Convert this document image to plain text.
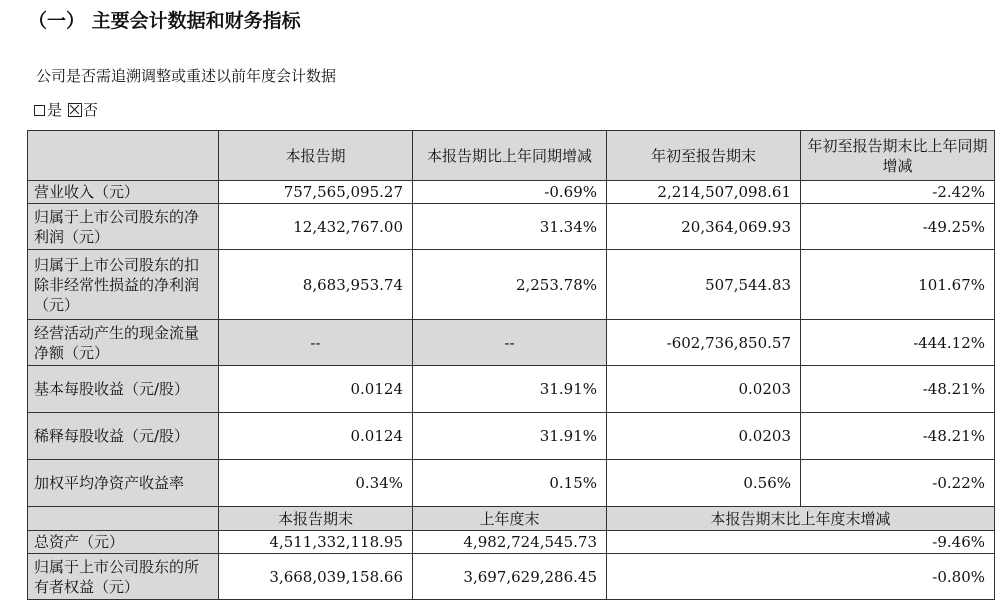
（一） 主要会计数据和财务指标
公司是否需追溯调整或重述以前年度会计数据
是 否
	本报告期	本报告期比上年同期增减	年初至报告期末	年初至报告期末比上年同期增减
营业收入（元）	757,565,095.27	-0.69%	2,214,507,098.61	-2.42%
归属于上市公司股东的净利润（元）	12,432,767.00	31.34%	20,364,069.93	-49.25%
归属于上市公司股东的扣除非经常性损益的净利润（元）	8,683,953.74	2,253.78%	507,544.83	101.67%
经营活动产生的现金流量净额（元）	--	--	-602,736,850.57	-444.12%
基本每股收益（元/股）	0.0124	31.91%	0.0203	-48.21%
稀释每股收益（元/股）	0.0124	31.91%	0.0203	-48.21%
加权平均净资产收益率	0.34%	0.15%	0.56%	-0.22%
	本报告期末	上年度末	本报告期末比上年度末增减	
总资产（元）	4,511,332,118.95	4,982,724,545.73	-9.46%	
归属于上市公司股东的所有者权益（元）	3,668,039,158.66	3,697,629,286.45	-0.80%	
